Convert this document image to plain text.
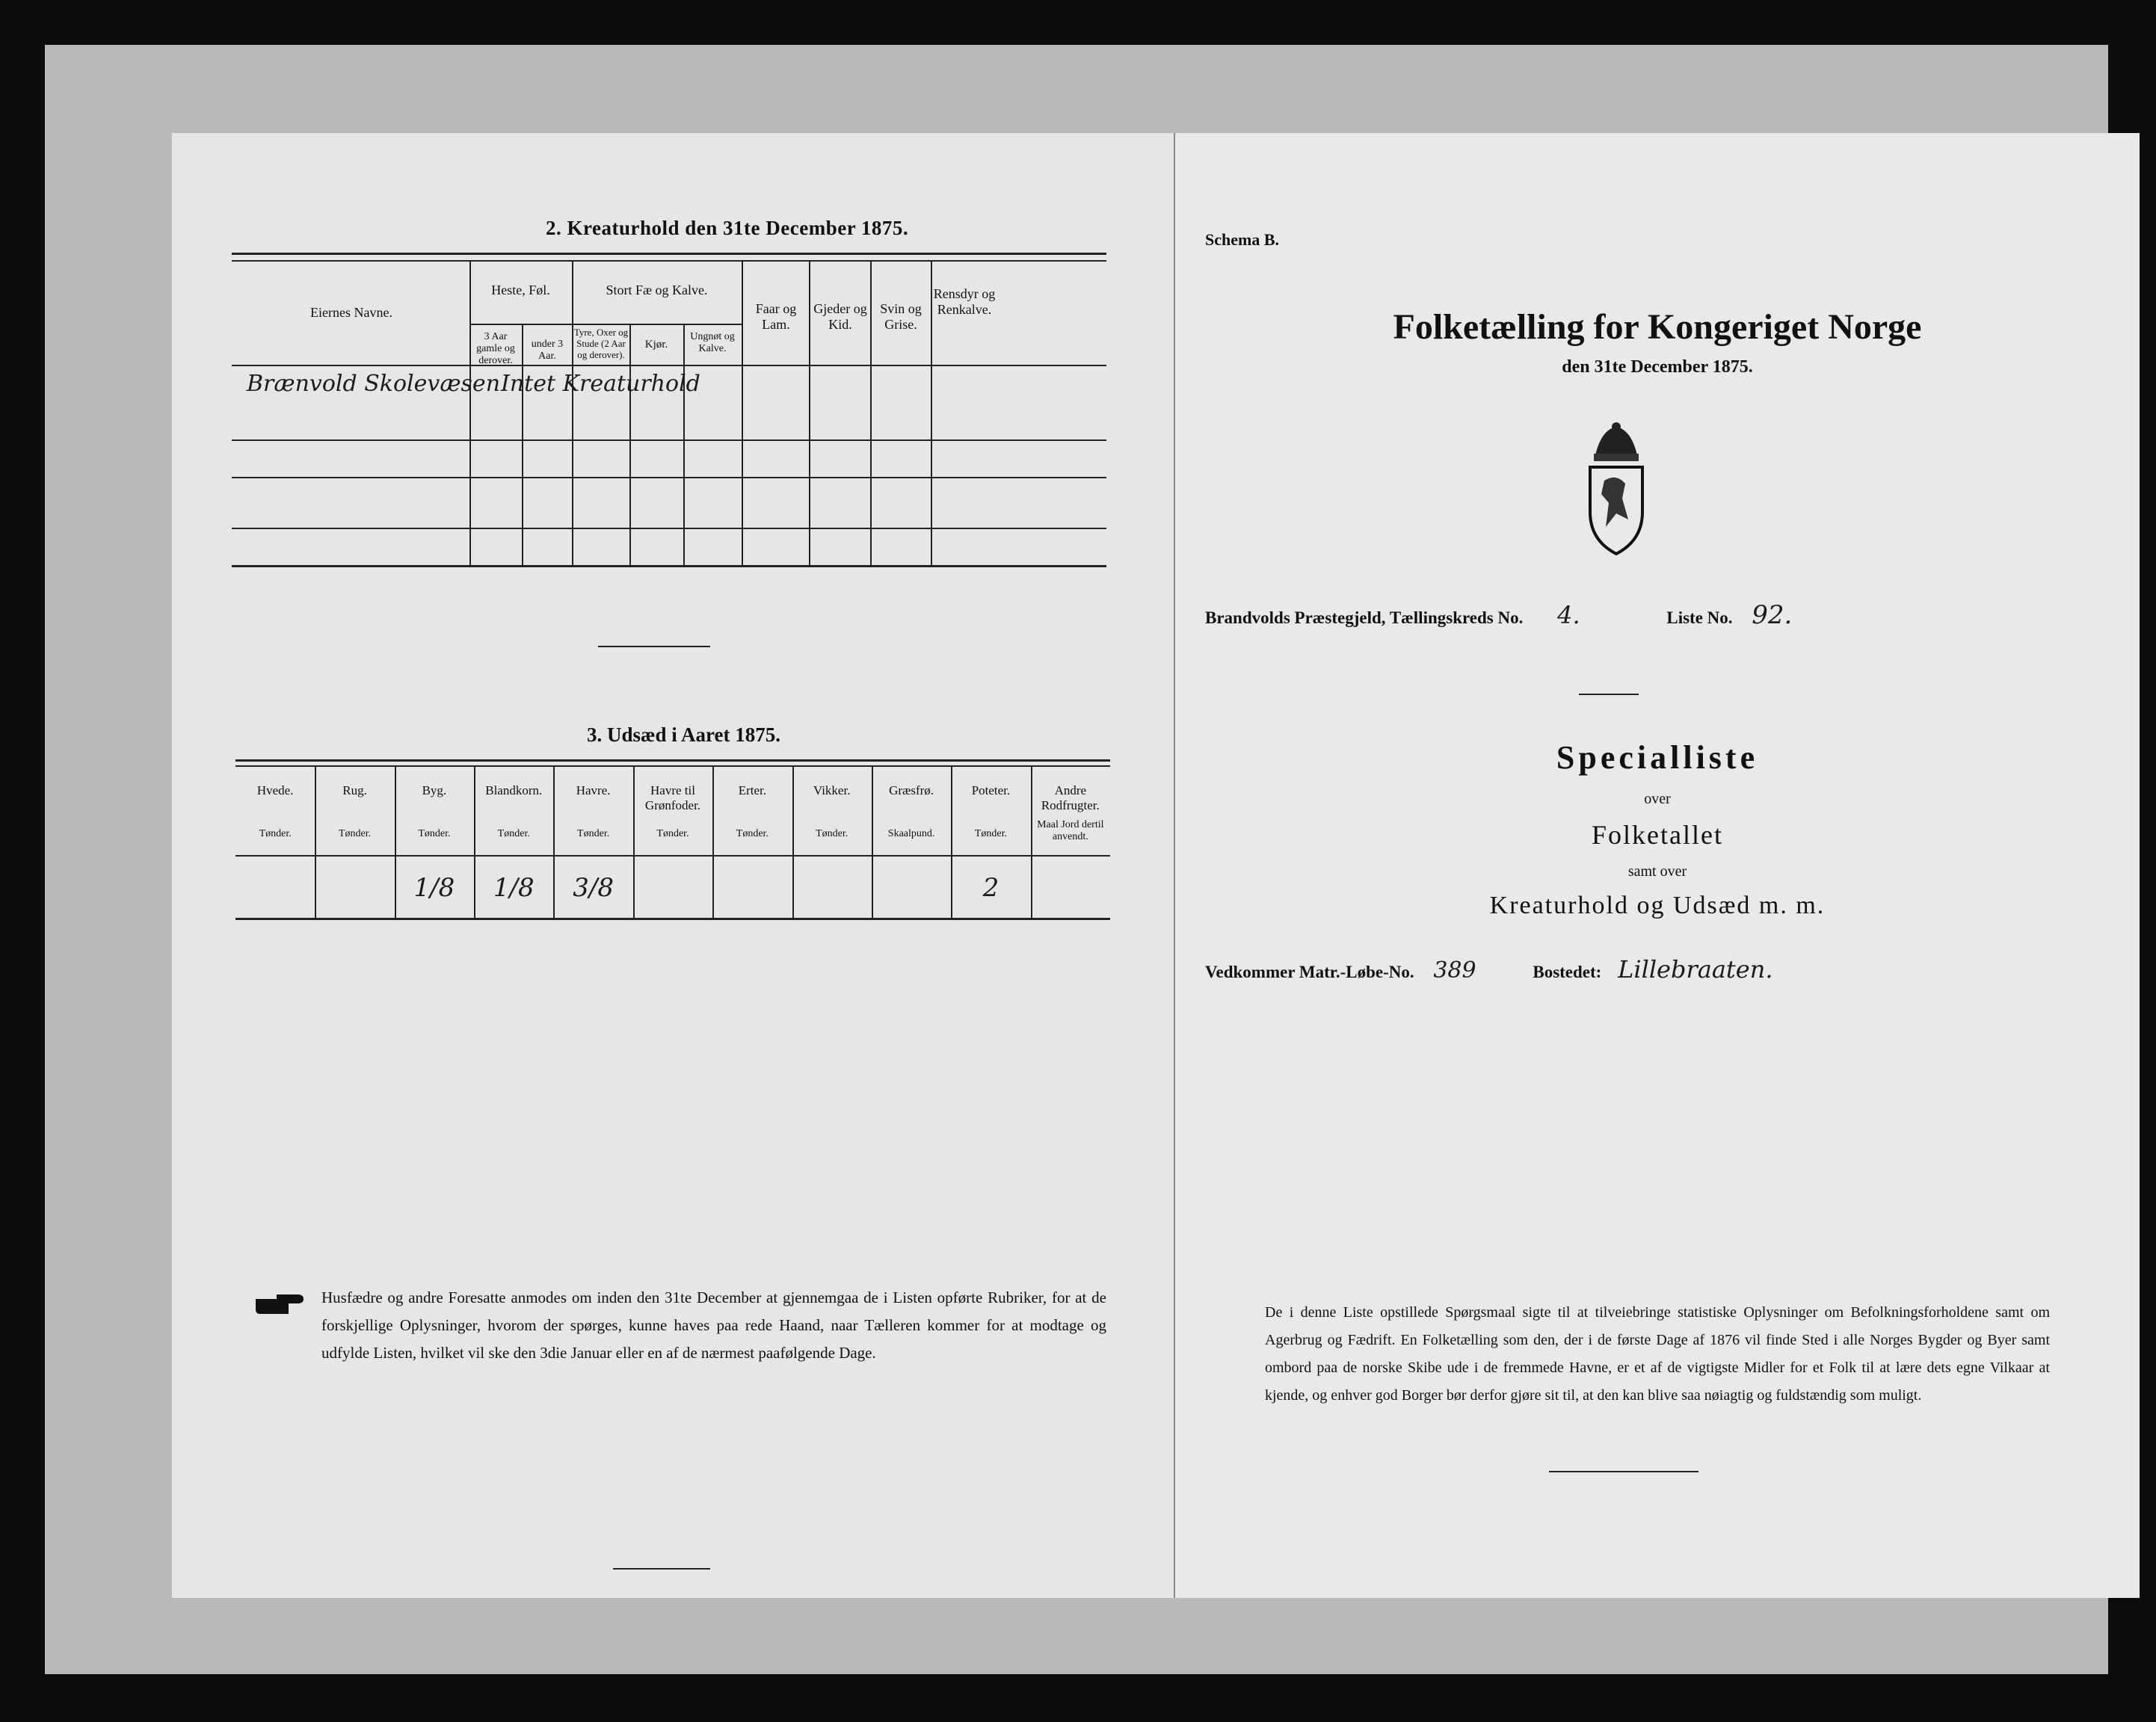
2. Kreaturhold den 31te December 1875.
Eiernes Navne.
Heste, Føl.
3 Aar gamle og derover.
under 3 Aar.
Stort Fæ og Kalve.
Tyre, Oxer og Stude (2 Aar og derover).
Kjør.
Ungnøt og Kalve.
Faar og Lam.
Gjeder og Kid.
Svin og Grise.
Rensdyr og Renkalve.
Brænvold Skolevæsen Intet Kreaturhold
3. Udsæd i Aaret 1875.
Hvede.
Tønder.
Rug.
Tønder.
Byg.
Tønder.
1/8
Blandkorn.
Tønder.
1/8
Havre.
Tønder.
3/8
Havre til Grønfoder.
Tønder.
Erter.
Tønder.
Vikker.
Tønder.
Græsfrø.
Skaalpund.
Poteter.
Tønder.
2
Andre Rodfrugter.
Maal Jord dertil anvendt.
Husfædre og andre Foresatte anmodes om inden den 31te December at gjennemgaa de i Listen opførte Rubriker, for at de forskjellige Oplysninger, hvorom der spørges, kunne haves paa rede Haand, naar Tælleren kommer for at modtage og udfylde Listen, hvilket vil ske den 3die Januar eller en af de nærmest paafølgende Dage.
Schema B.
Folketælling for Kongeriget Norge
den 31te December 1875.
Brandvolds Præstegjeld, Tællingskreds No. 4.	Liste No. 92.
Specialliste
over
Folketallet
samt over
Kreaturhold og Udsæd m. m.
Vedkommer Matr.-Løbe-No. 389	Bostedet: Lillebraaten.
De i denne Liste opstillede Spørgsmaal sigte til at tilveiebringe statistiske Oplysninger om Befolkningsforholdene samt om Agerbrug og Fædrift. En Folketælling som den, der i de første Dage af 1876 vil finde Sted i alle Norges Bygder og Byer samt ombord paa de norske Skibe ude i de fremmede Havne, er et af de vigtigste Midler for et Folk til at lære dets egne Vilkaar at kjende, og enhver god Borger bør derfor gjøre sit til, at den kan blive saa nøiagtig og fuldstændig som muligt.
